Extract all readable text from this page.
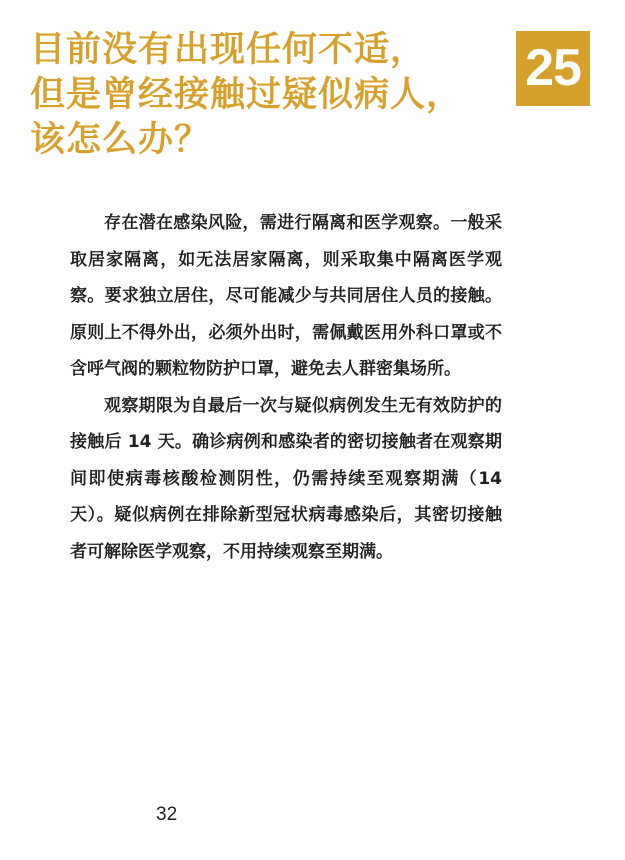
目前没有出现任何不适，
但是曾经接触过疑似病人，
该怎么办？
25

存在潜在感染风险，需进行隔离和医学观察。一般采取居家隔离，如无法居家隔离，则采取集中隔离医学观察。要求独立居住，尽可能减少与共同居住人员的接触。原则上不得外出，必须外出时，需佩戴医用外科口罩或不含呼气阀的颗粒物防护口罩，避免去人群密集场所。

观察期限为自最后一次与疑似病例发生无有效防护的接触后 14 天。确诊病例和感染者的密切接触者在观察期间即使病毒核酸检测阴性，仍需持续至观察期满（14 天）。疑似病例在排除新型冠状病毒感染后，其密切接触者可解除医学观察，不用持续观察至期满。

32
